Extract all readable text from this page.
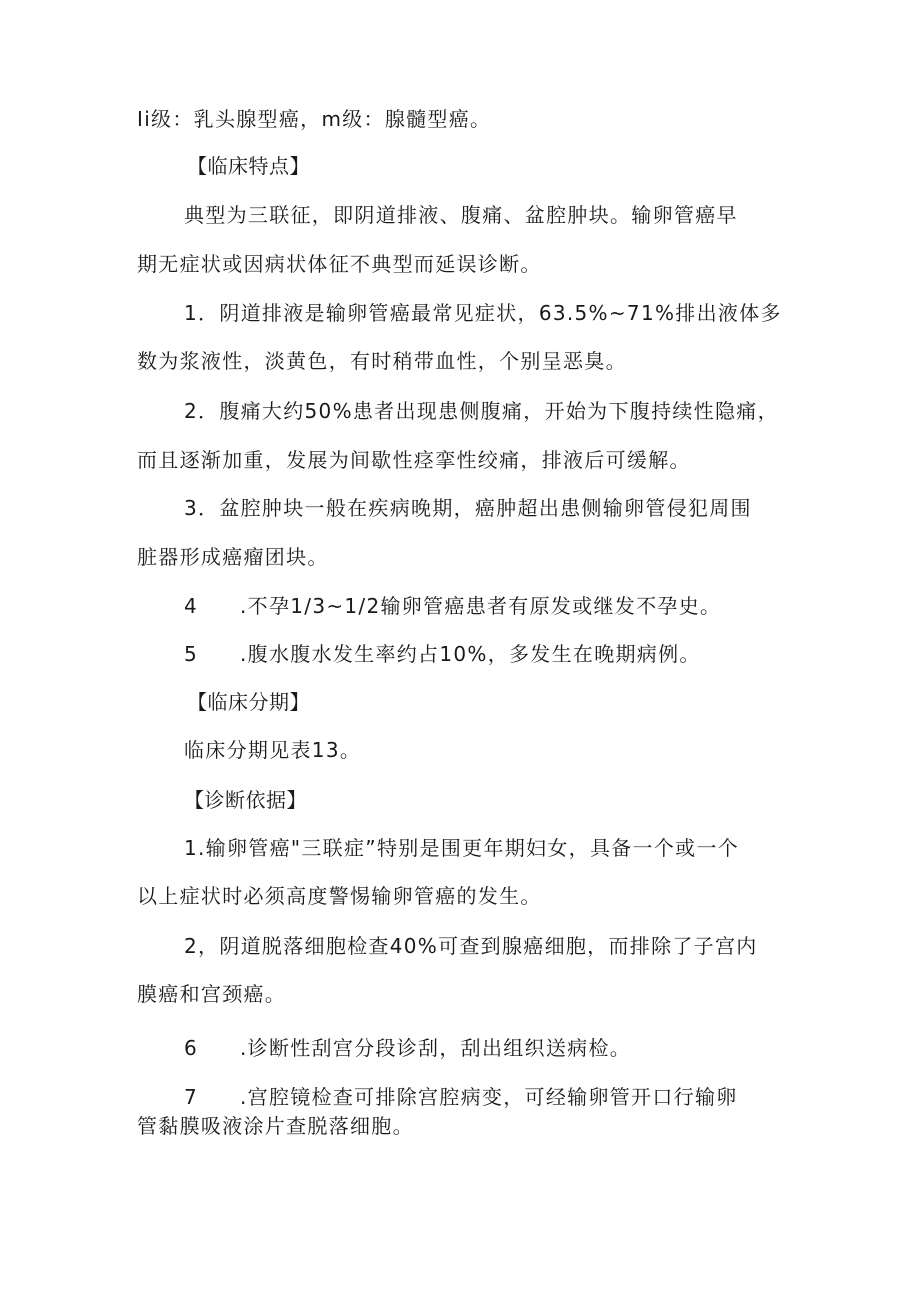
Ii级：乳头腺型癌，m级：腺髓型癌。
【临床特点】
典型为三联征，即阴道排液、腹痛、盆腔肿块。输卵管癌早
期无症状或因病状体征不典型而延误诊断。
1．阴道排液是输卵管癌最常见症状，63.5%~71%排出液体多
数为浆液性，淡黄色，有时稍带血性，个别呈恶臭。
2．腹痛大约50%患者出现患侧腹痛，开始为下腹持续性隐痛，
而且逐渐加重，发展为间歇性痉挛性绞痛，排液后可缓解。
3．盆腔肿块一般在疾病晚期，癌肿超出患侧输卵管侵犯周围
脏器形成癌瘤团块。
4 .不孕1/3~1/2输卵管癌患者有原发或继发不孕史。
5 .腹水腹水发生率约占10%，多发生在晚期病例。
【临床分期】
临床分期见表13。
【诊断依据】
1.输卵管癌"三联症”特别是围更年期妇女，具备一个或一个
以上症状时必须高度警惕输卵管癌的发生。
2，阴道脱落细胞检查40%可查到腺癌细胞，而排除了子宫内
膜癌和宫颈癌。
6 .诊断性刮宫分段诊刮，刮出组织送病检。
7 .宫腔镜检查可排除宫腔病变，可经输卵管开口行输卵
管黏膜吸液涂片查脱落细胞。
